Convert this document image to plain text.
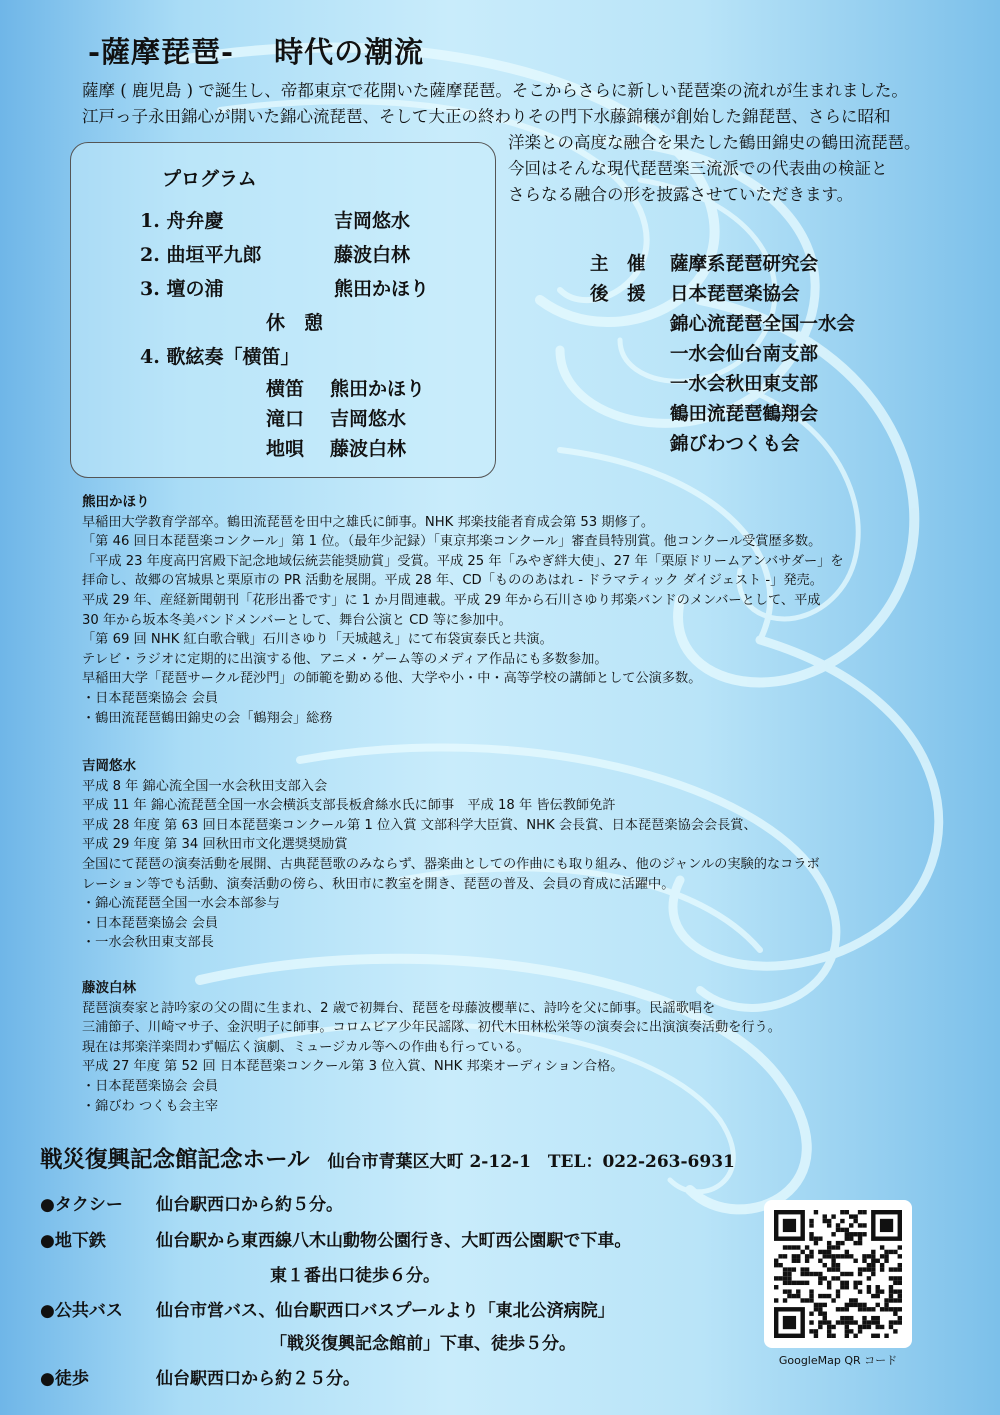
-薩摩琵琶- 時代の潮流
薩摩 ( 鹿児島 ) で誕生し、帝都東京で花開いた薩摩琵琶。そこからさらに新しい琵琶楽の流れが生まれました。
江戸っ子永田錦心が開いた錦心流琵琶、そして大正の終わりその門下水藤錦穣が創始した錦琵琶、さらに昭和
洋楽との高度な融合を果たした鶴田錦史の鶴田流琵琶。
今回はそんな現代琵琶楽三流派での代表曲の検証と
さらなる融合の形を披露させていただきます。
プログラム
1. 舟弁慶	吉岡悠水
2. 曲垣平九郎	藤波白林
3. 壇の浦	熊田かほり
休　憩
4. 歌絃奏「横笛」
横笛 熊田かほり
滝口 吉岡悠水
地唄 藤波白林
主　催 薩摩系琵琶研究会
後　援 日本琵琶楽協会
錦心流琵琶全国一水会
一水会仙台南支部
一水会秋田東支部
鶴田流琵琶鶴翔会
錦びわつくも会
熊田かほり
早稲田大学教育学部卒。鶴田流琵琶を田中之雄氏に師事。NHK 邦楽技能者育成会第 53 期修了。
「第 46 回日本琵琶楽コンクール」第 1 位。（最年少記録）「東京邦楽コンクール」審査員特別賞。他コンクール受賞歴多数。
「平成 23 年度高円宮殿下記念地域伝統芸能奨励賞」受賞。平成 25 年「みやぎ絆大使」、27 年「栗原ドリームアンバサダー」を
拝命し、故郷の宮城県と栗原市の PR 活動を展開。平成 28 年、CD「もののあはれ - ドラマティック ダイジェスト -」発売。
平成 29 年、産経新聞朝刊「花形出番です」に 1 か月間連載。平成 29 年から石川さゆり邦楽バンドのメンバーとして、平成
30 年から坂本冬美バンドメンバーとして、舞台公演と CD 等に参加中。
「第 69 回 NHK 紅白歌合戦」石川さゆり「天城越え」にて布袋寅泰氏と共演。
テレビ・ラジオに定期的に出演する他、アニメ・ゲーム等のメディア作品にも多数参加。
早稲田大学「琵琶サークル琵沙門」の師範を勤める他、大学や小・中・高等学校の講師として公演多数。
・日本琵琶楽協会 会員
・鶴田流琵琶鶴田錦史の会「鶴翔会」総務
吉岡悠水
平成 8 年 錦心流全国一水会秋田支部入会
平成 11 年 錦心流琵琶全国一水会横浜支部長板倉絲水氏に師事　平成 18 年 皆伝教師免許
平成 28 年度 第 63 回日本琵琶楽コンクール第 1 位入賞 文部科学大臣賞、NHK 会長賞、日本琵琶楽協会会長賞、
平成 29 年度 第 34 回秋田市文化選奨奨励賞
全国にて琵琶の演奏活動を展開、古典琵琶歌のみならず、器楽曲としての作曲にも取り組み、他のジャンルの実験的なコラボ
レーション等でも活動、演奏活動の傍ら、秋田市に教室を開き、琵琶の普及、会員の育成に活躍中。
・錦心流琵琶全国一水会本部参与
・日本琵琶楽協会 会員
・一水会秋田東支部長
藤波白林
琵琶演奏家と詩吟家の父の間に生まれ、2 歳で初舞台、琵琶を母藤波櫻華に、詩吟を父に師事。民謡歌唱を
三浦節子、川崎マサ子、金沢明子に師事。コロムビア少年民謡隊、初代木田林松栄等の演奏会に出演演奏活動を行う。
現在は邦楽洋楽問わず幅広く演劇、ミュージカル等への作曲も行っている。
平成 27 年度 第 52 回 日本琵琶楽コンクール第 3 位入賞、NHK 邦楽オーディション合格。
・日本琵琶楽協会 会員
・錦びわ つくも会主宰
戦災復興記念館記念ホール 仙台市青葉区大町 2-12-1　TEL：022-263-6931
●タクシー 仙台駅西口から約５分。
●地下鉄	仙台駅から東西線八木山動物公園行き、大町西公園駅で下車。
東１番出口徒歩６分。
●公共バス 仙台市営バス、仙台駅西口バスプールより「東北公済病院」
「戦災復興記念館前」下車、徒歩５分。
●徒歩	仙台駅西口から約２５分。
GoogleMap QR コード
